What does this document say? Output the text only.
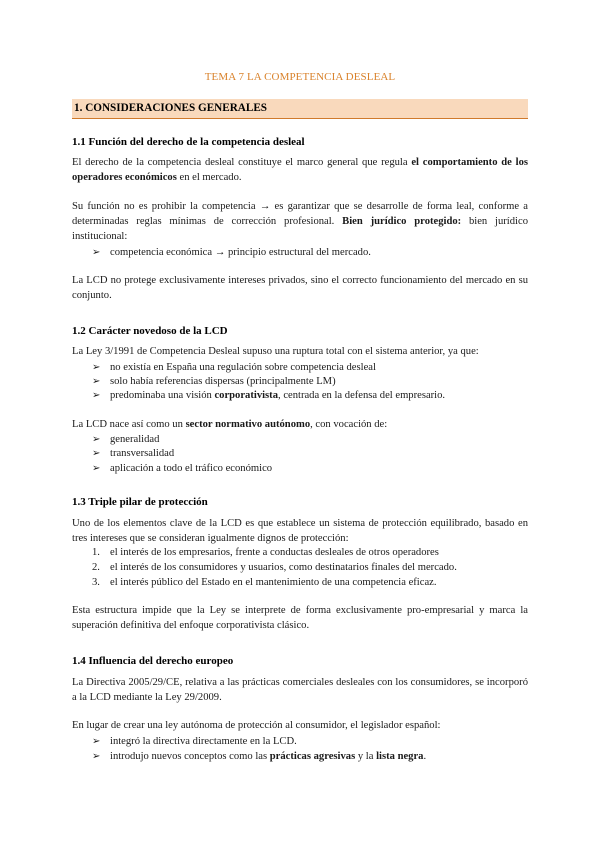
TEMA 7 LA COMPETENCIA DESLEAL
1. CONSIDERACIONES GENERALES
1.1 Función del derecho de la competencia desleal

El derecho de la competencia desleal constituye el marco general que regula el comportamiento de los operadores económicos en el mercado.

Su función no es prohibir la competencia → es garantizar que se desarrolle de forma leal, conforme a determinadas reglas mínimas de corrección profesional. Bien jurídico protegido: bien jurídico institucional:

➢ competencia económica → principio estructural del mercado.

La LCD no protege exclusivamente intereses privados, sino el correcto funcionamiento del mercado en su conjunto.

1.2 Carácter novedoso de la LCD

La Ley 3/1991 de Competencia Desleal supuso una ruptura total con el sistema anterior, ya que:

➢ no existía en España una regulación sobre competencia desleal
➢ solo había referencias dispersas (principalmente LM)
➢ predominaba una visión corporativista, centrada en la defensa del empresario.

La LCD nace así como un sector normativo autónomo, con vocación de:

➢ generalidad
➢ transversalidad
➢ aplicación a todo el tráfico económico
1.3 Triple pilar de protección

Uno de los elementos clave de la LCD es que establece un sistema de protección equilibrado, basado en tres intereses que se consideran igualmente dignos de protección:

1. el interés de los empresarios, frente a conductas desleales de otros operadores
2. el interés de los consumidores y usuarios, como destinatarios finales del mercado.
3. el interés público del Estado en el mantenimiento de una competencia eficaz.

Esta estructura impide que la Ley se interprete de forma exclusivamente pro-empresarial y marca la superación definitiva del enfoque corporativista clásico.

1.4 Influencia del derecho europeo

La Directiva 2005/29/CE, relativa a las prácticas comerciales desleales con los consumidores, se incorporó a la LCD mediante la Ley 29/2009.

En lugar de crear una ley autónoma de protección al consumidor, el legislador español:

➢ integró la directiva directamente en la LCD.
➢ introdujo nuevos conceptos como las prácticas agresivas y la lista negra.
